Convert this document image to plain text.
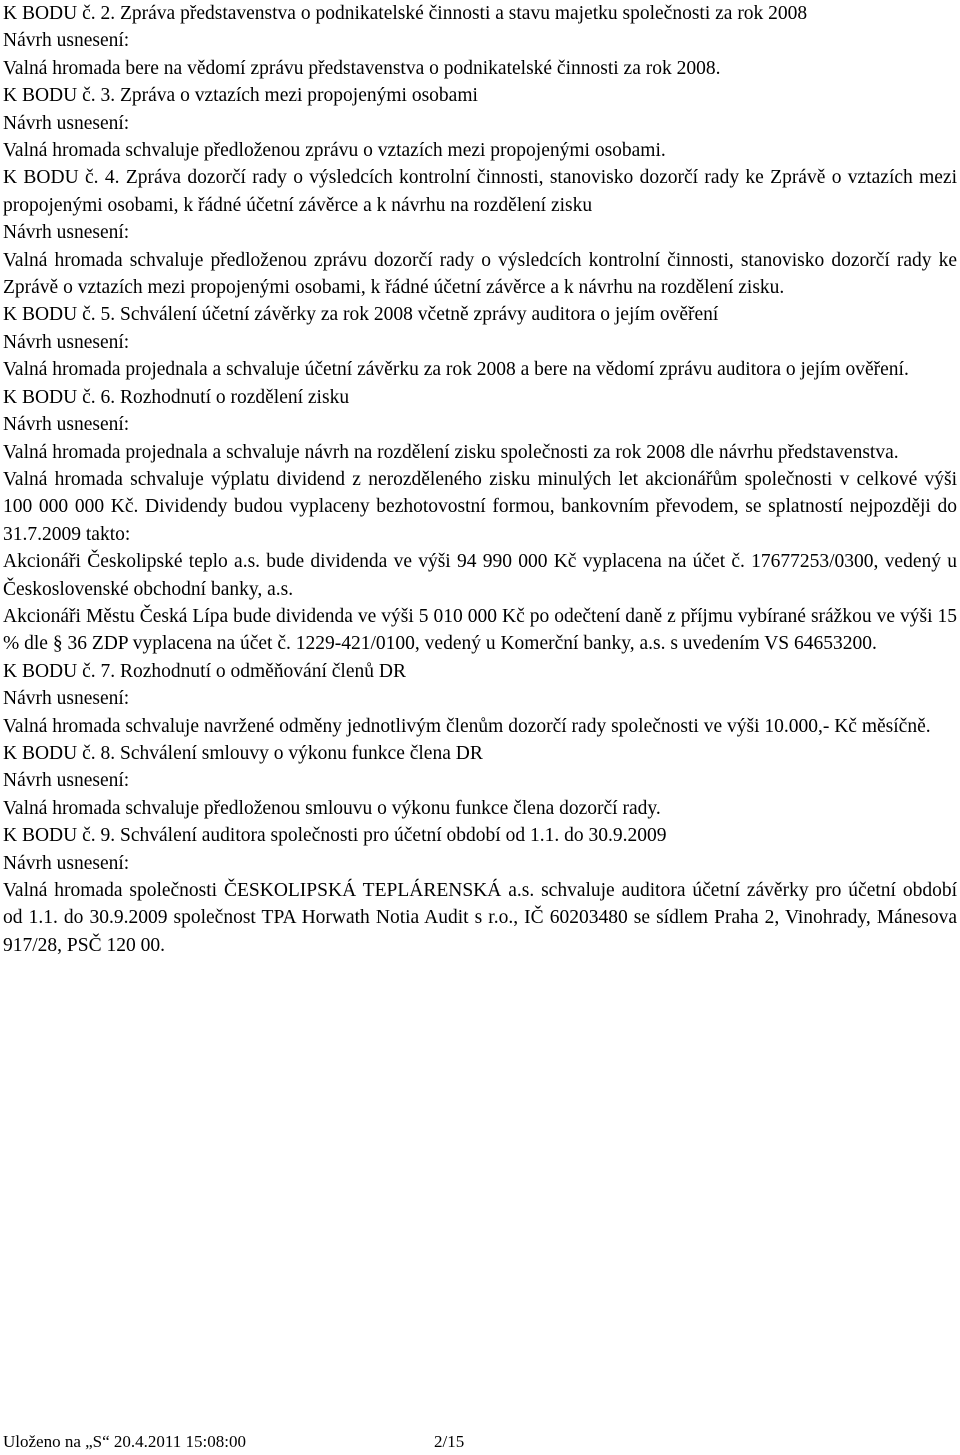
K BODU č. 2. Zpráva představenstva o podnikatelské činnosti a stavu majetku společnosti za rok 2008

Návrh usnesení:

Valná hromada bere na vědomí zprávu představenstva o podnikatelské činnosti za rok 2008.

K BODU č. 3. Zpráva o vztazích mezi propojenými osobami

Návrh usnesení:

Valná hromada schvaluje předloženou zprávu o vztazích mezi propojenými osobami.

K BODU č. 4. Zpráva dozorčí rady o výsledcích kontrolní činnosti, stanovisko dozorčí rady ke Zprávě o vztazích mezi propojenými osobami, k řádné účetní závěrce a k návrhu na rozdělení zisku

Návrh usnesení:

Valná hromada schvaluje předloženou zprávu dozorčí rady o výsledcích kontrolní činnosti, stanovisko dozorčí rady ke Zprávě o vztazích mezi propojenými osobami, k řádné účetní závěrce a k návrhu na rozdělení zisku.

K BODU č. 5. Schválení účetní závěrky za rok 2008 včetně zprávy auditora o jejím ověření

Návrh usnesení:

Valná hromada projednala a schvaluje účetní závěrku za rok 2008 a bere na vědomí zprávu auditora o jejím ověření.

K BODU č. 6. Rozhodnutí o rozdělení zisku

Návrh usnesení:

Valná hromada projednala a schvaluje návrh na rozdělení zisku společnosti za rok 2008 dle návrhu představenstva.

Valná hromada schvaluje výplatu dividend z nerozděleného zisku minulých let akcionářům společnosti v celkové výši 100 000 000 Kč. Dividendy budou vyplaceny bezhotovostní formou, bankovním převodem, se splatností nejpozději do 31.7.2009 takto:

Akcionáři Českolipské teplo a.s. bude dividenda ve výši 94 990 000 Kč vyplacena na účet č. 17677253/0300, vedený u Československé obchodní banky, a.s.

Akcionáři Městu Česká Lípa bude dividenda ve výši 5 010 000 Kč po odečtení daně z příjmu vybírané srážkou ve výši 15 % dle § 36 ZDP vyplacena na účet č. 1229-421/0100, vedený u Komerční banky, a.s. s uvedením VS 64653200.

K BODU č. 7. Rozhodnutí o odměňování členů DR

Návrh usnesení:

Valná hromada schvaluje navržené odměny jednotlivým členům dozorčí rady společnosti ve výši 10.000,- Kč měsíčně.

K BODU č. 8. Schválení smlouvy o výkonu funkce člena DR

Návrh usnesení:

Valná hromada schvaluje předloženou smlouvu o výkonu funkce člena dozorčí rady.

K BODU č. 9. Schválení auditora společnosti pro účetní období od 1.1. do 30.9.2009

Návrh usnesení:

Valná hromada společnosti ČESKOLIPSKÁ TEPLÁRENSKÁ a.s. schvaluje auditora účetní závěrky pro účetní období od 1.1. do 30.9.2009 společnost TPA Horwath Notia Audit s r.o., IČ 60203480 se sídlem Praha 2, Vinohrady, Mánesova 917/28, PSČ 120 00.

Uloženo na „S“ 20.4.2011 15:08:00	2/15
